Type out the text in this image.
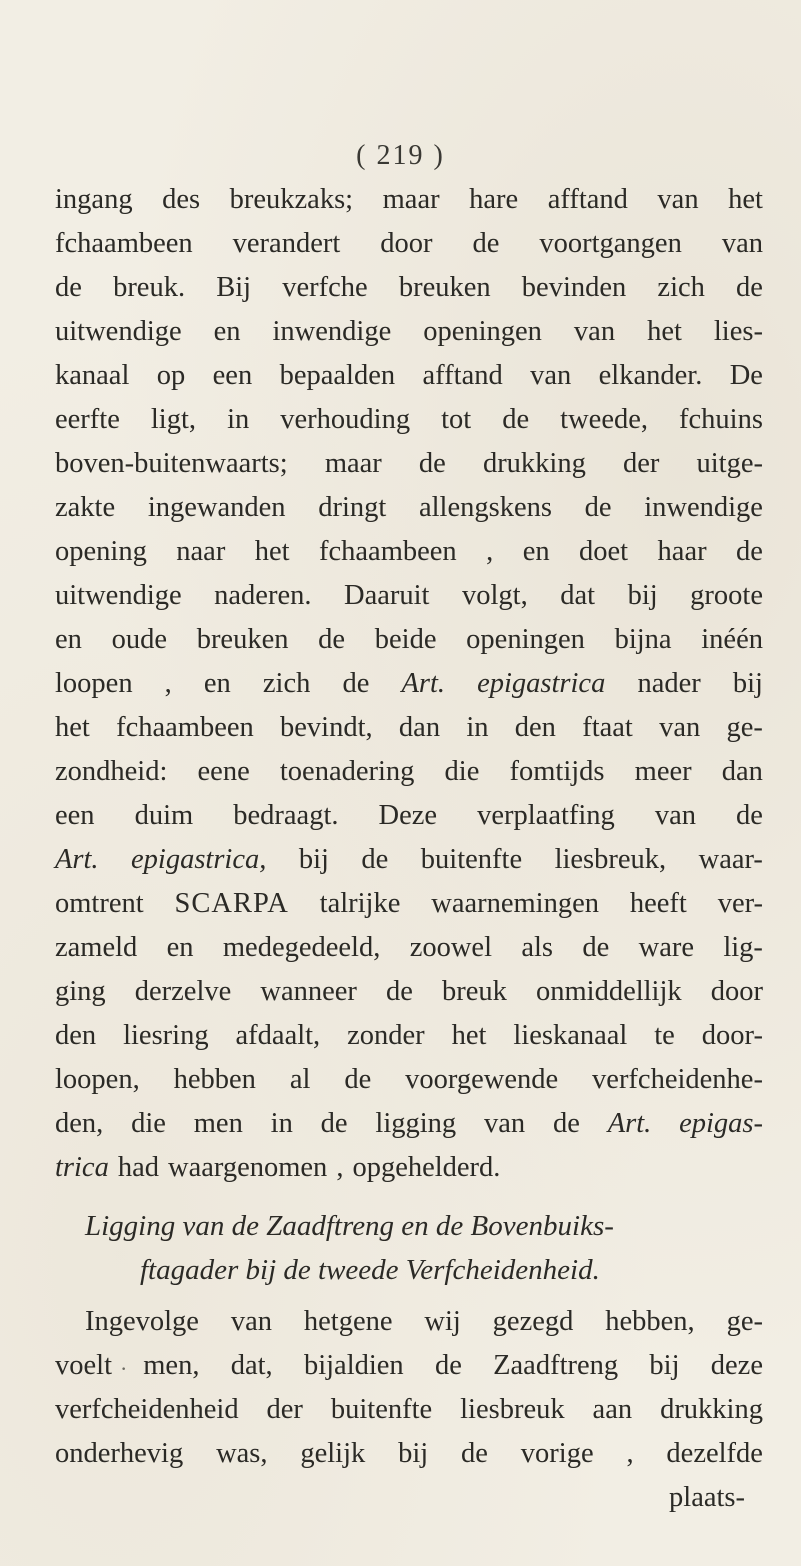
( 219 )
ingang des breukzaks; maar hare afftand van het
fchaambeen verandert door de voortgangen van
de breuk. Bij verfche breuken bevinden zich de
uitwendige en inwendige openingen van het lies-
kanaal op een bepaalden afftand van elkander. De
eerfte ligt, in verhouding tot de tweede, fchuins
boven-buitenwaarts; maar de drukking der uitge-
zakte ingewanden dringt allengskens de inwendige
opening naar het fchaambeen , en doet haar de
uitwendige naderen. Daaruit volgt, dat bij groote
en oude breuken de beide openingen bijna inéén
loopen , en zich de Art. epigastrica nader bij
het fchaambeen bevindt, dan in den ftaat van ge-
zondheid: eene toenadering die fomtijds meer dan
een duim bedraagt. Deze verplaatfing van de
Art. epigastrica, bij de buitenfte liesbreuk, waar-
omtrent SCARPA talrijke waarnemingen heeft ver-
zameld en medegedeeld, zoowel als de ware lig-
ging derzelve wanneer de breuk onmiddellijk door
den liesring afdaalt, zonder het lieskanaal te door-
loopen, hebben al de voorgewende verfcheidenhe-
den, die men in de ligging van de Art. epigas-
trica had waargenomen , opgehelderd.
Ligging van de Zaadftreng en de Bovenbuiks-
ftagader bij de tweede Verfcheidenheid.
Ingevolge van hetgene wij gezegd hebben, ge-
voelt men, dat, bijaldien de Zaadftreng bij deze
verfcheidenheid der buitenfte liesbreuk aan drukking
onderhevig was, gelijk bij de vorige , dezelfde
plaats-
·
